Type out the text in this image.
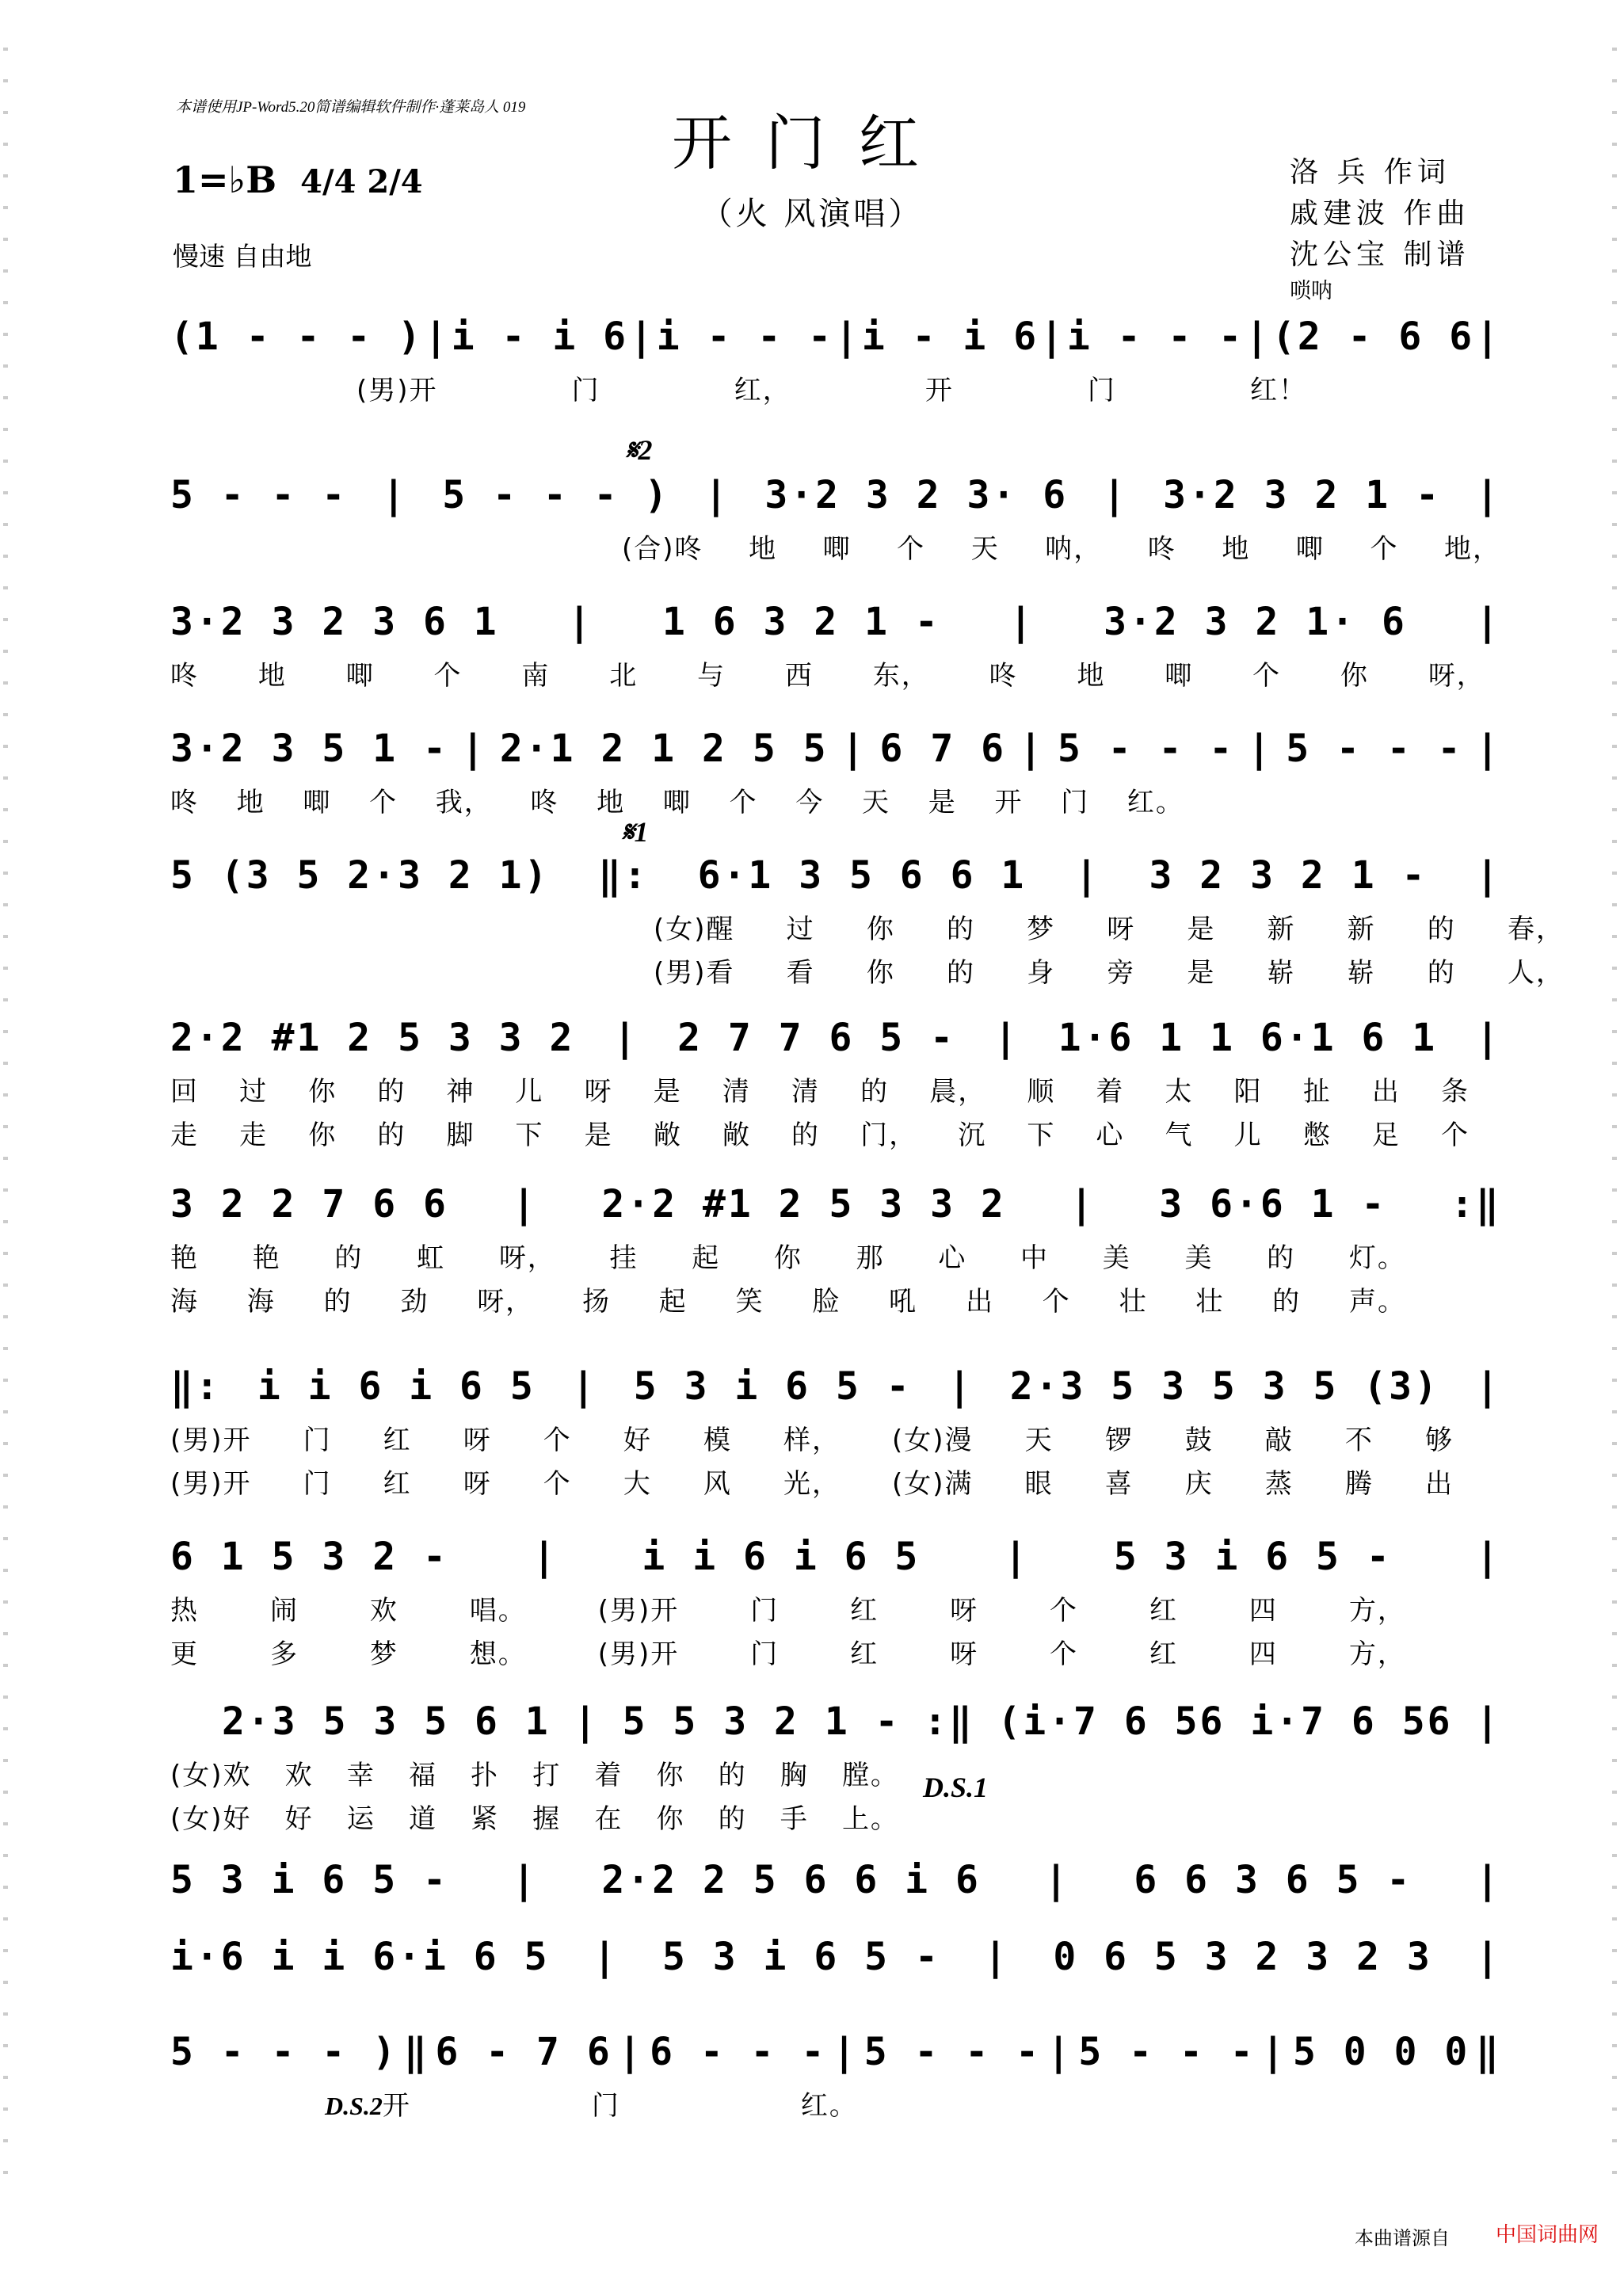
本谱使用JP-Word5.20简谱编辑软件制作·蓬莱岛人 019
开门红
（火 风演唱）
1=♭B 4/4 2/4
慢速 自由地
洛 兵 作词
戚建波 作曲
沈公宝 制谱
唢呐
(1 - - - ) | i - i 6 | i - - - | i - i 6 | i - - - | (2 - 6 6 |
(男)开	门	红，	开	门	红！
𝄋2
5 - - - | 5 - - - ) | 3·2 3 2 3· 6 | 3·2 3 2 1 - |
(合)咚 地 唧 个 天 呐， 咚 地 唧 个 地，
3·2 3 2 3 6 1 | 1 6 3 2 1 - | 3·2 3 2 1· 6 |
咚 地 唧 个 南 北 与 西 东， 咚 地 唧 个 你 呀，
3·2 3 5 1 - | 2·1 2 1 2 5 5 | 6 7 6 | 5 - - - | 5 - - - |
咚 地 唧 个 我， 咚 地 唧 个 今 天 是 开 门 红。
𝄋1
5 (3 5 2·3 2 1) ‖: 6·1 3 5 6 6 1 | 3 2 3 2 1 - |
(女)醒 过 你 的 梦 呀 是 新 新 的 春，
(男)看 看 你 的 身 旁 是 崭 崭 的 人，
2·2 #1 2 5 3 3 2 | 2 7 7 6 5 - | 1·6 1 1 6·1 6 1 |
回 过 你 的 神 儿 呀 是 清 清 的 晨， 顺 着 太 阳 扯 出 条
走 走 你 的 脚 下 是 敞 敞 的 门， 沉 下 心 气 儿 憋 足 个
3 2 2 7 6 6 | 2·2 #1 2 5 3 3 2 | 3 6·6 1 - :‖
艳 艳 的 虹 呀， 挂 起 你 那 心 中 美 美 的 灯。
海 海 的 劲 呀， 扬 起 笑 脸 吼 出 个 壮 壮 的 声。
‖: i i 6 i 6 5 | 5 3 i 6 5 - | 2·3 5 3 5 3 5 (3) |
(男)开 门 红 呀 个 好 模 样， (女)漫 天 锣 鼓 敲 不 够
(男)开 门 红 呀 个 大 风 光， (女)满 眼 喜 庆 蒸 腾 出
6 1 5 3 2 - | i i 6 i 6 5 | 5 3 i 6 5 - |
热	闹	欢	唱。	(男)开	门	红	呀	个	红	四	方，
更	多	梦	想。	(男)开	门	红	呀	个	红	四	方，
2·3 5 3 5 6 1 | 5 5 3 2 1 - :‖ (i·7 6 56 i·7 6 56 |
(女)欢 欢 幸 福 扑 打 着 你 的 胸 膛。 D.S.1
(女)好 好 运 道 紧 握 在 你 的 手 上。
5 3 i 6 5 - | 2·2 2 5 6 6 i 6 | 6 6 3 6 5 - |
i·6 i i 6·i 6 5 | 5 3 i 6 5 - | 0 6 5 3 2 3 2 3 |
5 - - - ) ‖ 6 - 7 6 | 6 - - - | 5 - - - | 5 - - - | 5 0 0 0 ‖
D.S.2 开	门	红。
本曲谱源自 中国词曲网
